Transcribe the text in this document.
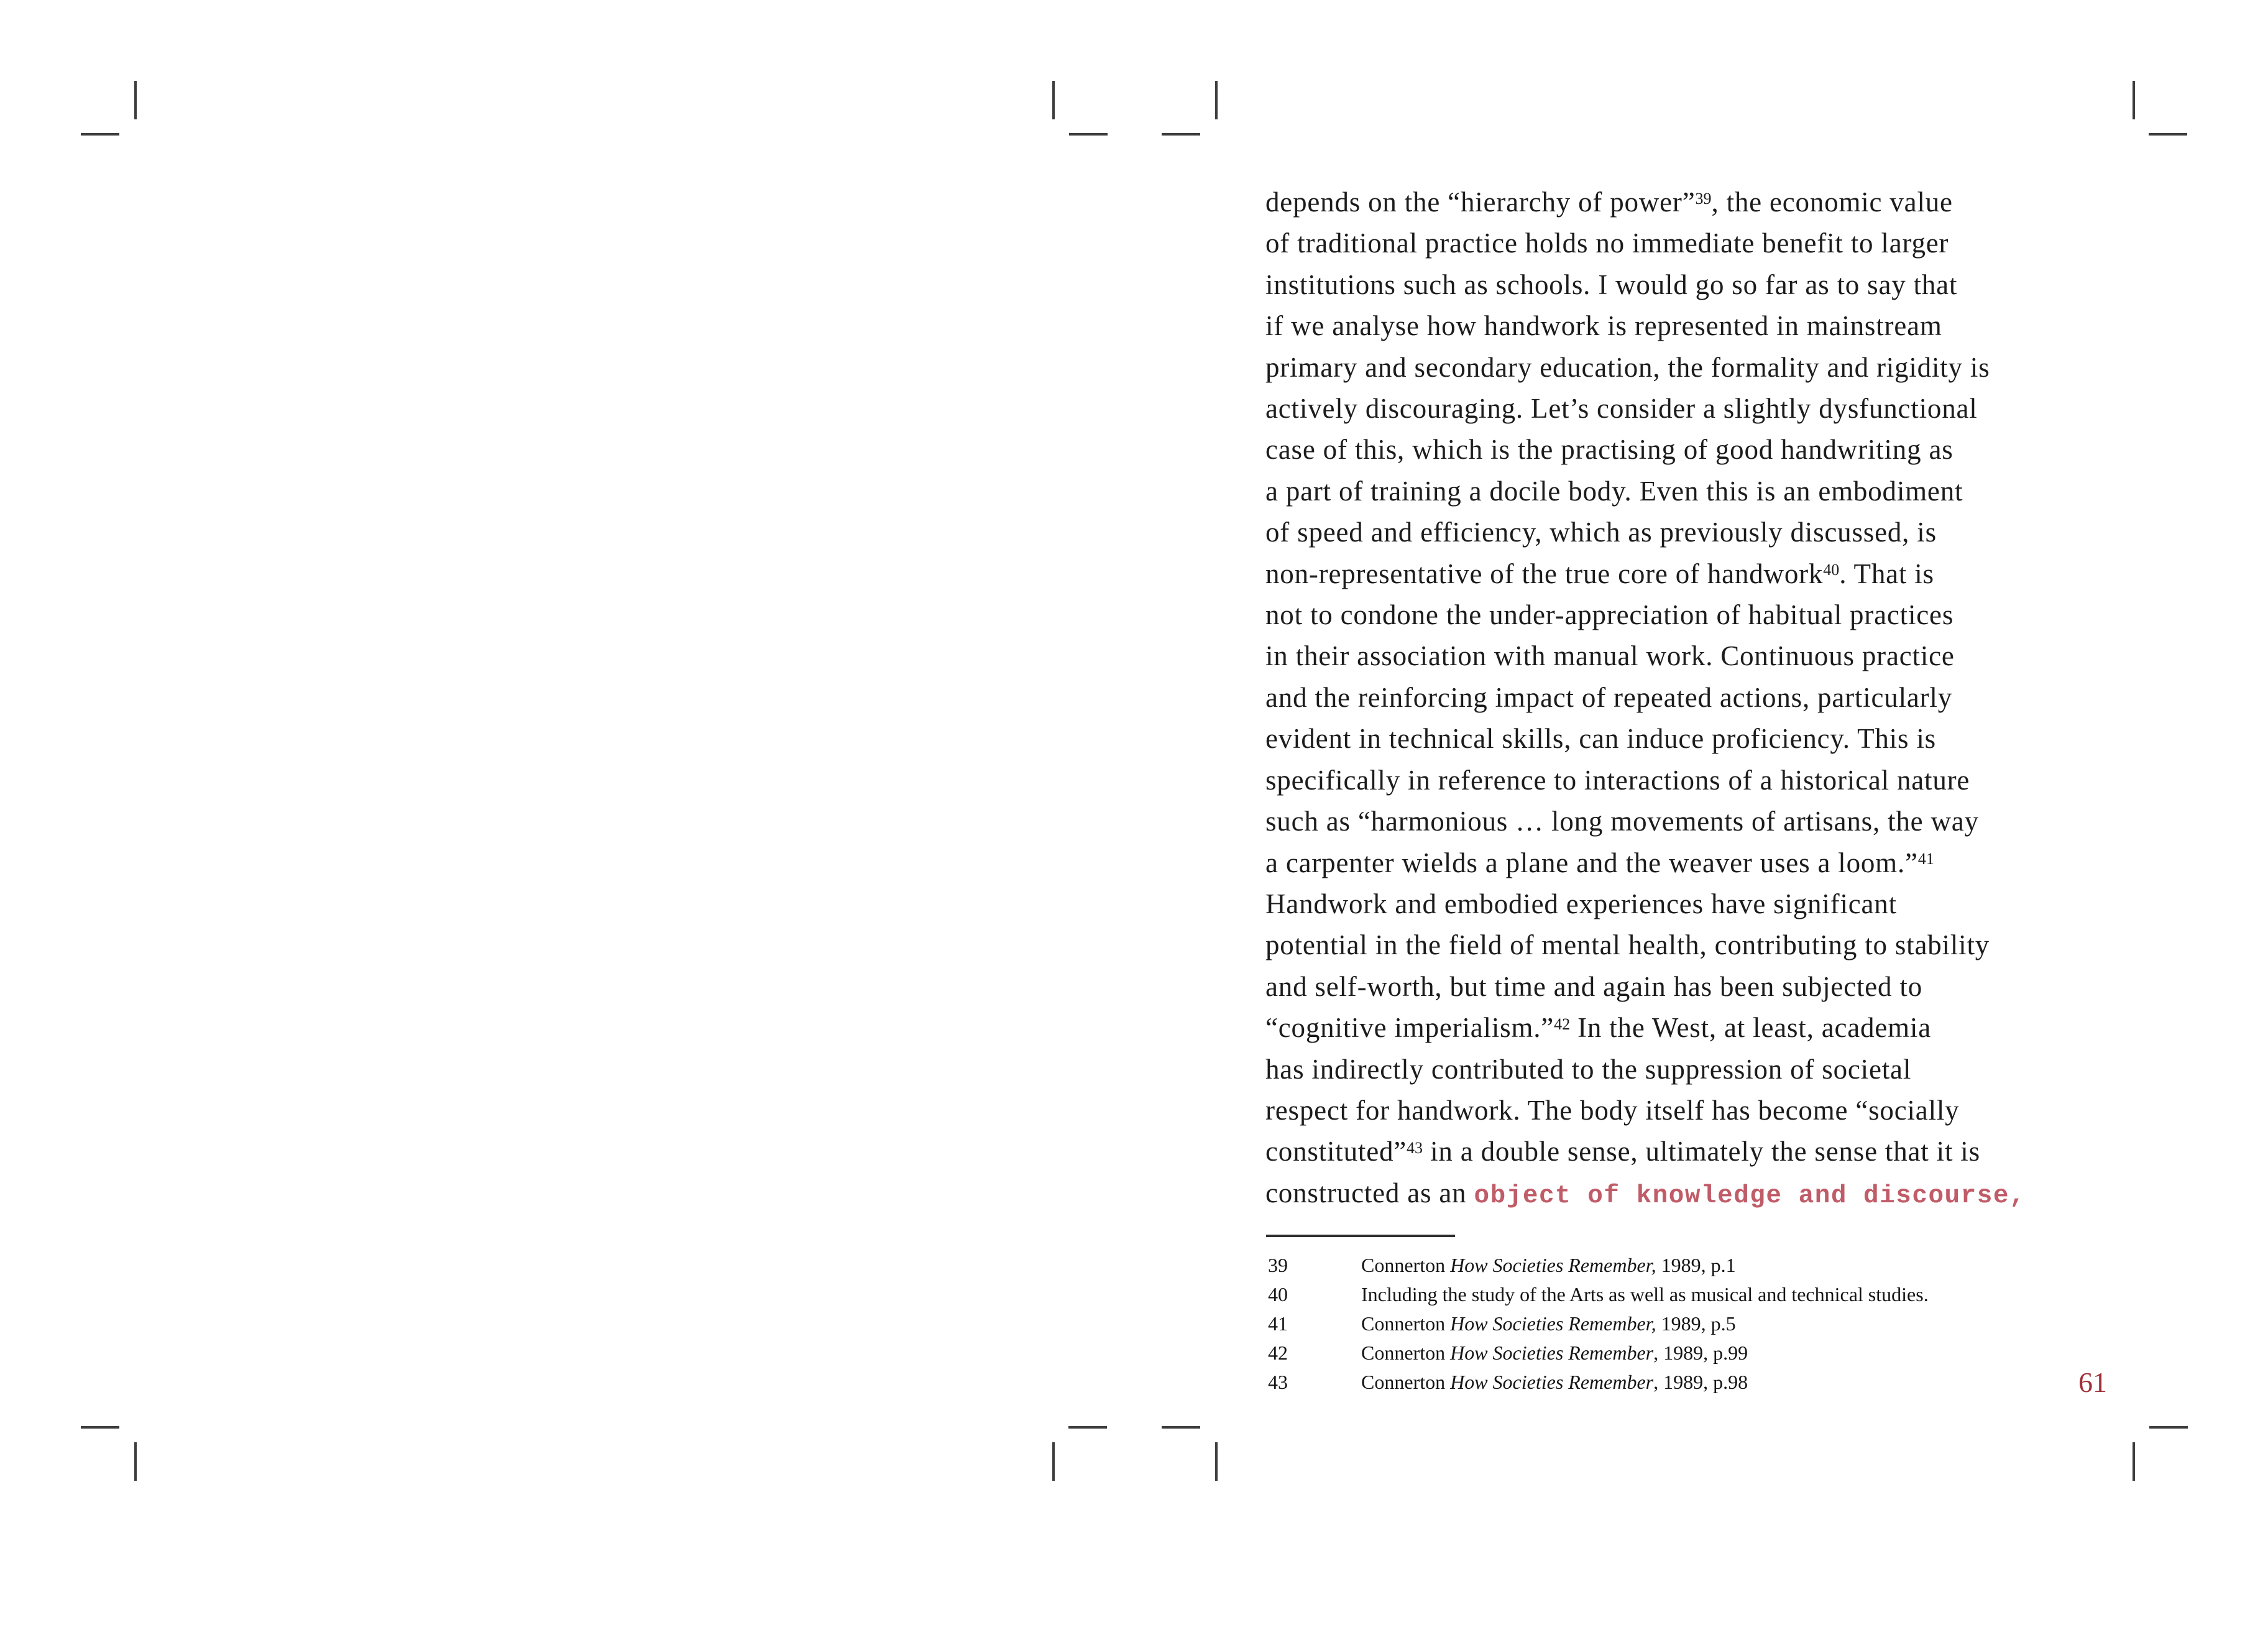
depends on the “hierarchy of power”$^{39}$, the economic value
of traditional practice holds no immediate benefit to larger
institutions such as schools. I would go so far as to say that
if we analyse how handwork is represented in mainstream
primary and secondary education, the formality and rigidity is
actively discouraging. Let’s consider a slightly dysfunctional
case of this, which is the practising of good handwriting as
a part of training a docile body. Even this is an embodiment
of speed and efficiency, which as previously discussed, is
non-representative of the true core of handwork$^{40}$. That is
not to condone the under-appreciation of habitual practices
in their association with manual work. Continuous practice
and the reinforcing impact of repeated actions, particularly
evident in technical skills, can induce proficiency. This is
specifically in reference to interactions of a historical nature
such as “harmonious … long movements of artisans, the way
a carpenter wields a plane and the weaver uses a loom.”$^{41}$
Handwork and embodied experiences have significant
potential in the field of mental health, contributing to stability
and self-worth, but time and again has been subjected to
“cognitive imperialism.”$^{42}$ In the West, at least, academia
has indirectly contributed to the suppression of societal
respect for handwork. The body itself has become “socially
constituted”$^{43}$ in a double sense, ultimately the sense that it is
constructed as an object of knowledge and discourse,
39	Connerton How Societies Remember, 1989, p.1
40	Including the study of the Arts as well as musical and technical studies.
41	Connerton How Societies Remember, 1989, p.5
42	Connerton How Societies Remember, 1989, p.99
43	Connerton How Societies Remember, 1989, p.98	61
